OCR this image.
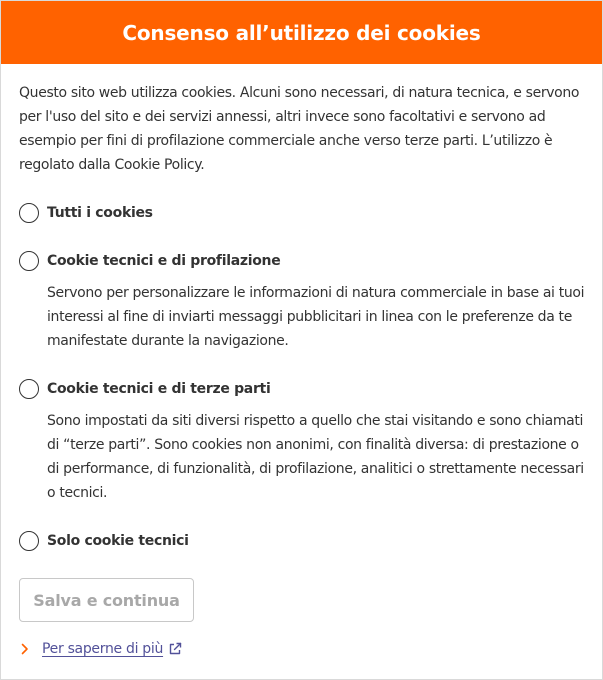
Consenso all’utilizzo dei cookies

Questo sito web utilizza cookies. Alcuni sono necessari, di natura tecnica, e servono per l'uso del sito e dei servizi annessi, altri invece sono facoltativi e servono ad esempio per fini di profilazione commerciale anche verso terze parti. L’utilizzo è regolato dalla Cookie Policy.

Tutti i cookies
Cookie tecnici e di profilazione

Servono per personalizzare le informazioni di natura commerciale in base ai tuoi interessi al fine di inviarti messaggi pubblicitari in linea con le preferenze da te manifestate durante la navigazione.

Cookie tecnici e di terze parti

Sono impostati da siti diversi rispetto a quello che stai visitando e sono chiamati di “terze parti”. Sono cookies non anonimi, con finalità diversa: di prestazione o di performance, di funzionalità, di profilazione, analitici o strettamente necessari o tecnici.

Solo cookie tecnici
Salva e continua
Per saperne di più
